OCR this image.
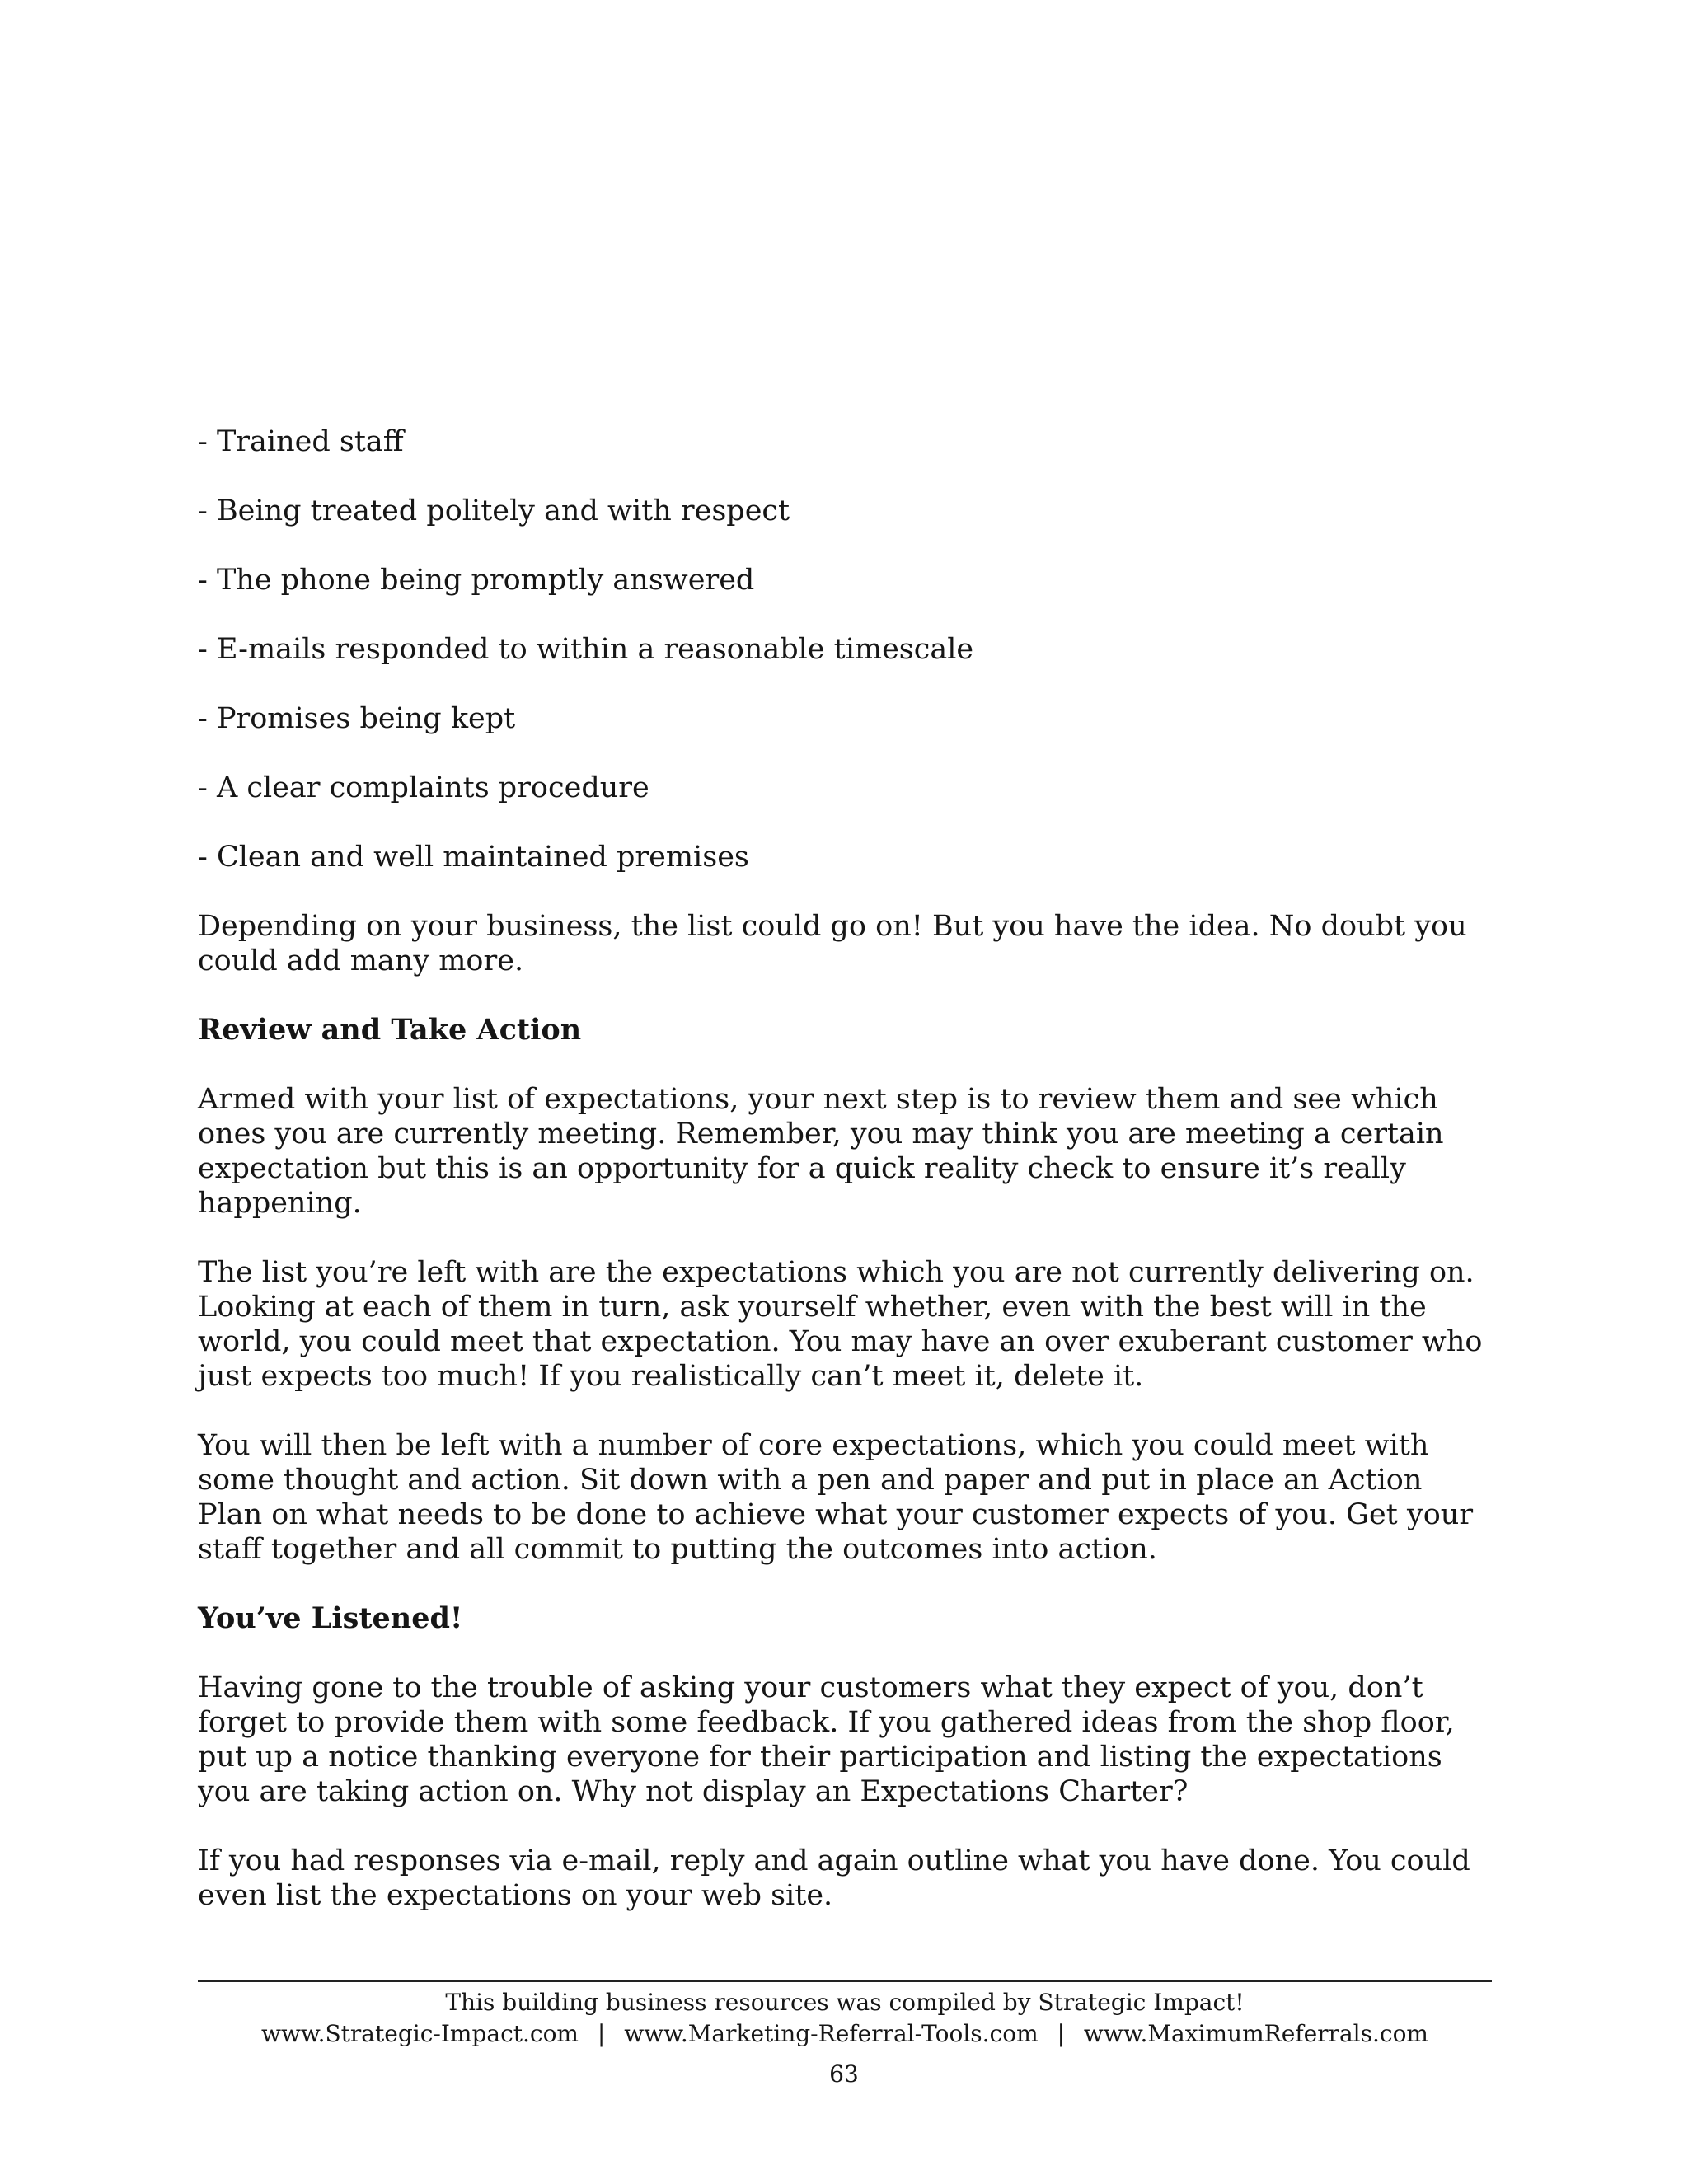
- Trained staff
- Being treated politely and with respect
- The phone being promptly answered
- E-mails responded to within a reasonable timescale
- Promises being kept
- A clear complaints procedure
- Clean and well maintained premises

Depending on your business, the list could go on! But you have the idea. No doubt you could add many more.

Review and Take Action

Armed with your list of expectations, your next step is to review them and see which ones you are currently meeting. Remember, you may think you are meeting a certain expectation but this is an opportunity for a quick reality check to ensure it’s really happening.

The list you’re left with are the expectations which you are not currently delivering on. Looking at each of them in turn, ask yourself whether, even with the best will in the world, you could meet that expectation. You may have an over exuberant customer who just expects too much! If you realistically can’t meet it, delete it.

You will then be left with a number of core expectations, which you could meet with some thought and action. Sit down with a pen and paper and put in place an Action Plan on what needs to be done to achieve what your customer expects of you. Get your staff together and all commit to putting the outcomes into action.

You’ve Listened!

Having gone to the trouble of asking your customers what they expect of you, don’t forget to provide them with some feedback. If you gathered ideas from the shop floor, put up a notice thanking everyone for their participation and listing the expectations you are taking action on. Why not display an Expectations Charter?

If you had responses via e-mail, reply and again outline what you have done. You could even list the expectations on your web site.

This building business resources was compiled by Strategic Impact!
www.Strategic-Impact.com | www.Marketing-Referral-Tools.com | www.MaximumReferrals.com
63
